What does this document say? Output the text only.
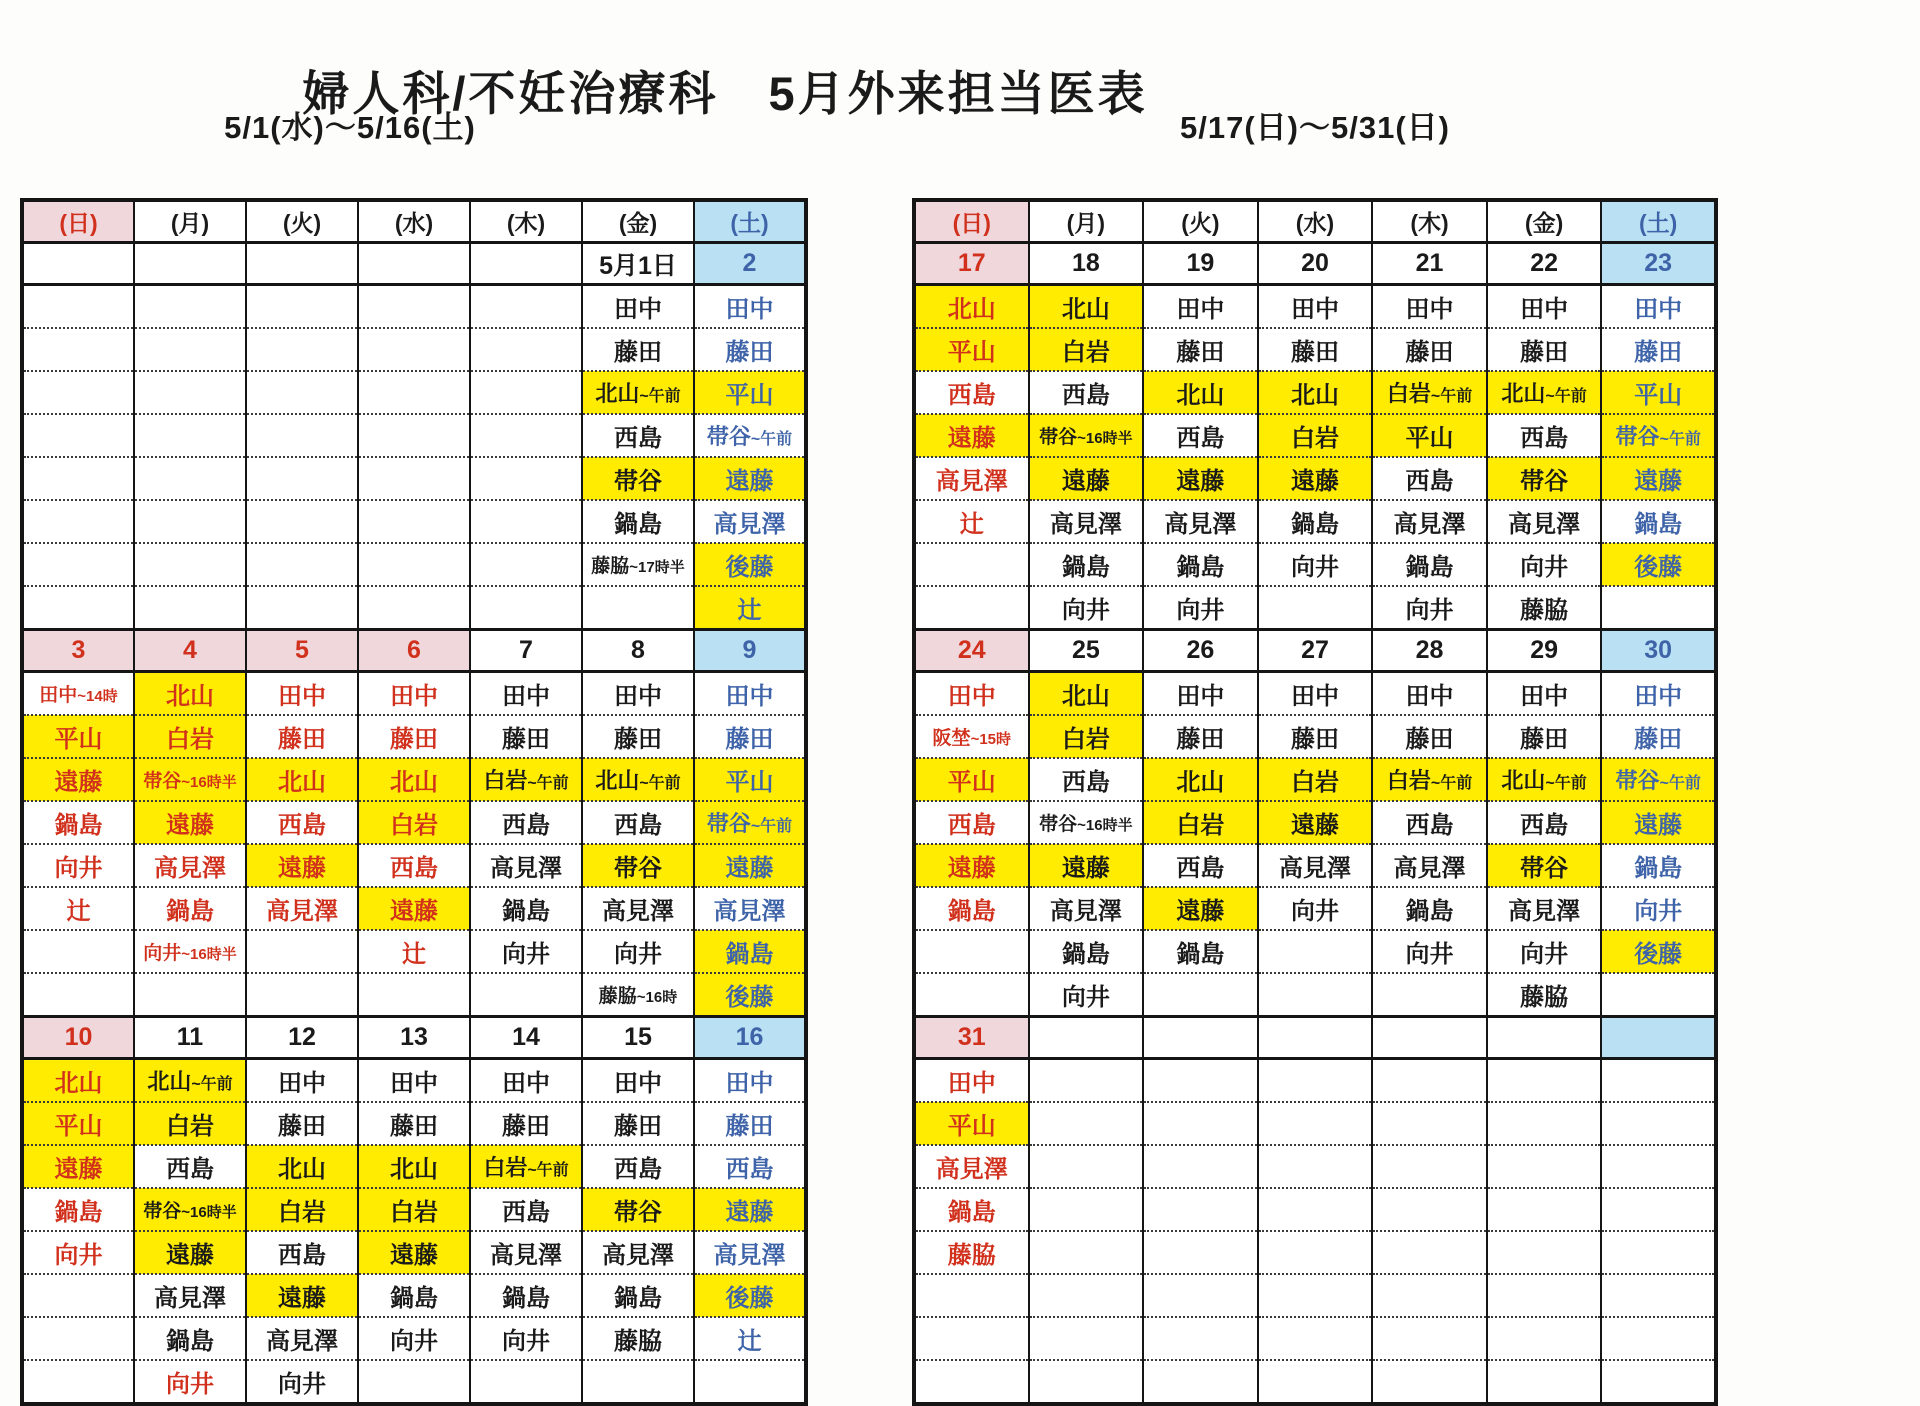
婦人科/不妊治療科　5月外来担当医表
5/1(水)～5/16(土)	5/17(日)～5/31(日)
(日)	(月)	(火)	(水)	(木)	(金)	(土)
					5月1日	2
					田中	田中
					藤田	藤田
					北山~午前	平山
					西島	帯谷~午前
					帯谷	遠藤
					鍋島	高見澤
					藤脇~17時半	後藤
						辻
3	4	5	6	7	8	9
田中~14時	北山	田中	田中	田中	田中	田中
平山	白岩	藤田	藤田	藤田	藤田	藤田
遠藤	帯谷~16時半	北山	北山	白岩~午前	北山~午前	平山
鍋島	遠藤	西島	白岩	西島	西島	帯谷~午前
向井	高見澤	遠藤	西島	高見澤	帯谷	遠藤
辻	鍋島	高見澤	遠藤	鍋島	高見澤	高見澤
	向井~16時半		辻	向井	向井	鍋島
					藤脇~16時	後藤
10	11	12	13	14	15	16
北山	北山~午前	田中	田中	田中	田中	田中
平山	白岩	藤田	藤田	藤田	藤田	藤田
遠藤	西島	北山	北山	白岩~午前	西島	西島
鍋島	帯谷~16時半	白岩	白岩	西島	帯谷	遠藤
向井	遠藤	西島	遠藤	高見澤	高見澤	高見澤
	高見澤	遠藤	鍋島	鍋島	鍋島	後藤
	鍋島	高見澤	向井	向井	藤脇	辻
	向井	向井				
(日)	(月)	(火)	(水)	(木)	(金)	(土)
17	18	19	20	21	22	23
北山	北山	田中	田中	田中	田中	田中
平山	白岩	藤田	藤田	藤田	藤田	藤田
西島	西島	北山	北山	白岩~午前	北山~午前	平山
遠藤	帯谷~16時半	西島	白岩	平山	西島	帯谷~午前
高見澤	遠藤	遠藤	遠藤	西島	帯谷	遠藤
辻	高見澤	高見澤	鍋島	高見澤	高見澤	鍋島
	鍋島	鍋島	向井	鍋島	向井	後藤
	向井	向井		向井	藤脇	
24	25	26	27	28	29	30
田中	北山	田中	田中	田中	田中	田中
阪埜~15時	白岩	藤田	藤田	藤田	藤田	藤田
平山	西島	北山	白岩	白岩~午前	北山~午前	帯谷~午前
西島	帯谷~16時半	白岩	遠藤	西島	西島	遠藤
遠藤	遠藤	西島	高見澤	高見澤	帯谷	鍋島
鍋島	高見澤	遠藤	向井	鍋島	高見澤	向井
	鍋島	鍋島		向井	向井	後藤
	向井				藤脇	
31						
田中						
平山						
高見澤						
鍋島						
藤脇						
